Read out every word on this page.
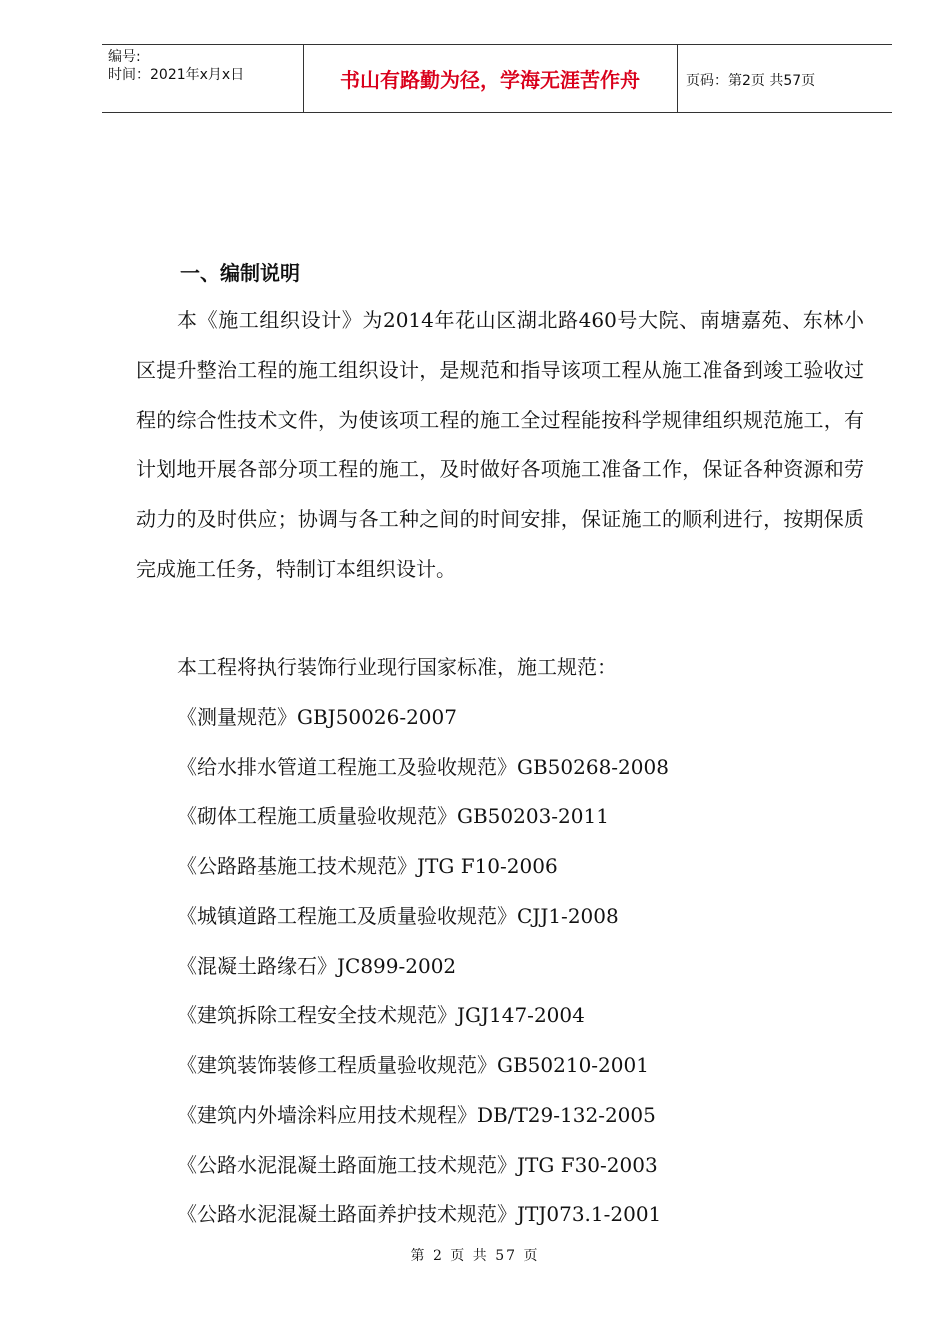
编号:
时间：2021年x月x日	书山有路勤为径，学海无涯苦作舟	页码：第2页 共57页
一、编制说明
本《施工组织设计》为2014年花山区湖北路460号大院、南塘嘉苑、东林小区提升整治工程的施工组织设计，是规范和指导该项工程从施工准备到竣工验收过程的综合性技术文件，为使该项工程的施工全过程能按科学规律组织规范施工，有计划地开展各部分项工程的施工，及时做好各项施工准备工作，保证各种资源和劳动力的及时供应；协调与各工种之间的时间安排，保证施工的顺利进行，按期保质完成施工任务，特制订本组织设计。
本工程将执行装饰行业现行国家标准，施工规范：
《测量规范》GBJ50026-2007
《给水排水管道工程施工及验收规范》GB50268-2008
《砌体工程施工质量验收规范》GB50203-2011
《公路路基施工技术规范》JTG F10-2006
《城镇道路工程施工及质量验收规范》CJJ1-2008
《混凝土路缘石》JC899-2002
《建筑拆除工程安全技术规范》JGJ147-2004
《建筑装饰装修工程质量验收规范》GB50210-2001
《建筑内外墙涂料应用技术规程》DB/T29-132-2005
《公路水泥混凝土路面施工技术规范》JTG F30-2003
《公路水泥混凝土路面养护技术规范》JTJ073.1-2001
第 2 页 共 57 页
